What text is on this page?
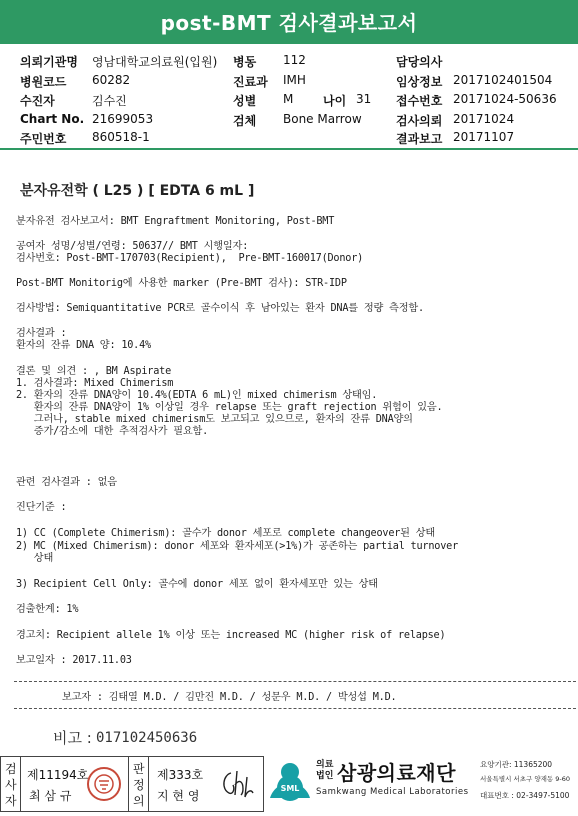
post-BMT 검사결과보고서
의뢰기관명 영남대학교의료원(입원) 병동 112	담당의사
병원코드 60282	진료과 IMH	임상정보 2017102401504
수진자	김수진	성별 M 나이 31 접수번호 20171024-50636
Chart No. 21699053	검체 Bone Marrow	검사의뢰 20171024
주민번호 860518-1	결과보고 20171107
분자유전학 ( L25 ) [ EDTA 6 mL ]
분자유전 검사보고서: BMT Engraftment Monitoring, Post-BMT
공여자 성명/성별/연령: 50637// BMT 시행일자:
검사번호: Post-BMT-170703(Recipient),  Pre-BMT-160017(Donor)
Post-BMT Monitorig에 사용한 marker (Pre-BMT 검사): STR-IDP
검사방법: Semiquantitative PCR로 골수이식 후 남아있는 환자 DNA를 정량 측정함.
검사결과 :
환자의 잔류 DNA 양: 10.4%
결론 및 의견 : , BM Aspirate
1. 검사결과: Mixed Chimerism
2. 환자의 잔류 DNA양이 10.4%(EDTA 6 mL)인 mixed chimerism 상태임.
환자의 잔류 DNA양이 1% 이상일 경우 relapse 또는 graft rejection 위험이 있음.
그러나, stable mixed chimerism도 보고되고 있으므로, 환자의 잔류 DNA양의
증가/감소에 대한 추적검사가 필요함.
관련 검사결과 : 없음
진단기준 :
1) CC (Complete Chimerism): 골수가 donor 세포로 complete changeover된 상태
2) MC (Mixed Chimerism): donor 세포와 환자세포(>1%)가 공존하는 partial turnover
상태
3) Recipient Cell Only: 골수에 donor 세포 없이 환자세포만 있는 상태
검출한계: 1%
경고치: Recipient allele 1% 이상 또는 increased MC (higher risk of relapse)
보고일자 : 2017.11.03
보고자 : 김태열 M.D. / 김만진 M.D. / 성문우 M.D. / 박성섭 M.D.
비고 : 017102450636
검사자
제11194호
최 삼 규
판정의
제333호
지 현 영
SML
의료법인 삼광의료재단
Samkwang Medical Laboratories
요양기관: 11365200
서울특별시 서초구 양재동 9-60
대표번호 : 02-3497-5100
